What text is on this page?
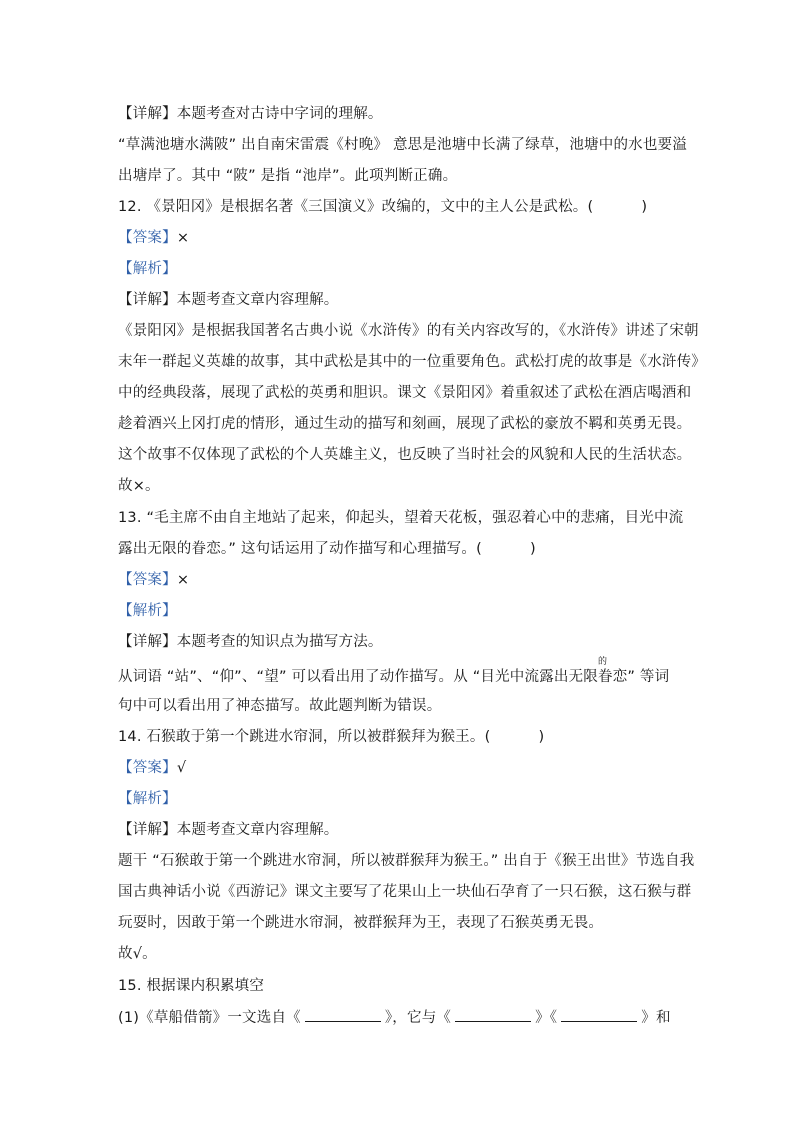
【详解】本题考查对古诗中字词的理解。
“草满池塘水满陂” 出自南宋雷震《村晚》 意思是池塘中长满了绿草，池塘中的水也要溢
出塘岸了。其中 “陂” 是指 “池岸”。此项判断正确。
12. 《景阳冈》是根据名著《三国演义》改编的，文中的主人公是武松。(	)
【答案】×
【解析】
【详解】本题考查文章内容理解。
《景阳冈》是根据我国著名古典小说《水浒传》的有关内容改写的，《水浒传》讲述了宋朝
末年一群起义英雄的故事，其中武松是其中的一位重要角色。武松打虎的故事是《水浒传》
中的经典段落，展现了武松的英勇和胆识。课文《景阳冈》着重叙述了武松在酒店喝酒和
趁着酒兴上冈打虎的情形，通过生动的描写和刻画，展现了武松的豪放不羁和英勇无畏。
这个故事不仅体现了武松的个人英雄主义，也反映了当时社会的风貌和人民的生活状态。
故×。
13. “毛主席不由自主地站了起来，仰起头，望着天花板，强忍着心中的悲痛，目光中流
露出无限的眷恋。” 这句话运用了动作描写和心理描写。(	)
【答案】×
【解析】
【详解】本题考查的知识点为描写方法。
从词语 “站”、“仰”、“望” 可以看出用了动作描写。从 “目光中流露出无限
的
眷恋” 等词
句中可以看出用了神态描写。故此题判断为错误。
14. 石猴敢于第一个跳进水帘洞，所以被群猴拜为猴王。(	)
【答案】√
【解析】
【详解】本题考查文章内容理解。
题干 “石猴敢于第一个跳进水帘洞，所以被群猴拜为猴王。” 出自于《猴王出世》节选自我
国古典神话小说《西游记》课文主要写了花果山上一块仙石孕育了一只石猴，这石猴与群
玩耍时，因敢于第一个跳进水帘洞，被群猴拜为王，表现了石猴英勇无畏。
故√。
15. 根据课内积累填空
(1)《草船借箭》一文选自《	》，它与《	》《	》和
